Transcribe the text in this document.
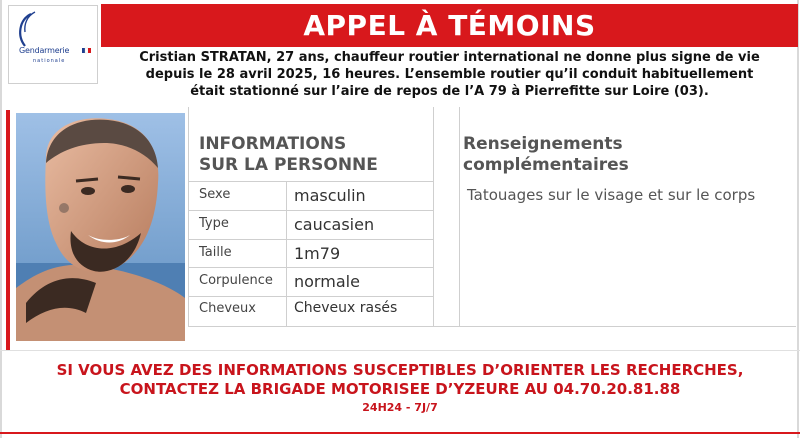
Gendarmerie
nationale
APPEL À TÉMOINS
Cristian STRATAN, 27 ans, chauffeur routier international ne donne plus signe de vie
depuis le 28 avril 2025, 16 heures. L’ensemble routier qu’il conduit habituellement
était stationné sur l’aire de repos de l’A 79 à Pierrefitte sur Loire (03).
INFORMATIONS
SUR LA PERSONNE
Sexe	masculin
Type	caucasien
Taille	1m79
Corpulence normale
Cheveux	Cheveux rasés
Renseignements
complémentaires
Tatouages sur le visage et sur le corps
SI VOUS AVEZ DES INFORMATIONS SUSCEPTIBLES D’ORIENTER LES RECHERCHES,
CONTACTEZ LA BRIGADE MOTORISEE D’YZEURE AU 04.70.20.81.88
24H24 - 7J/7
